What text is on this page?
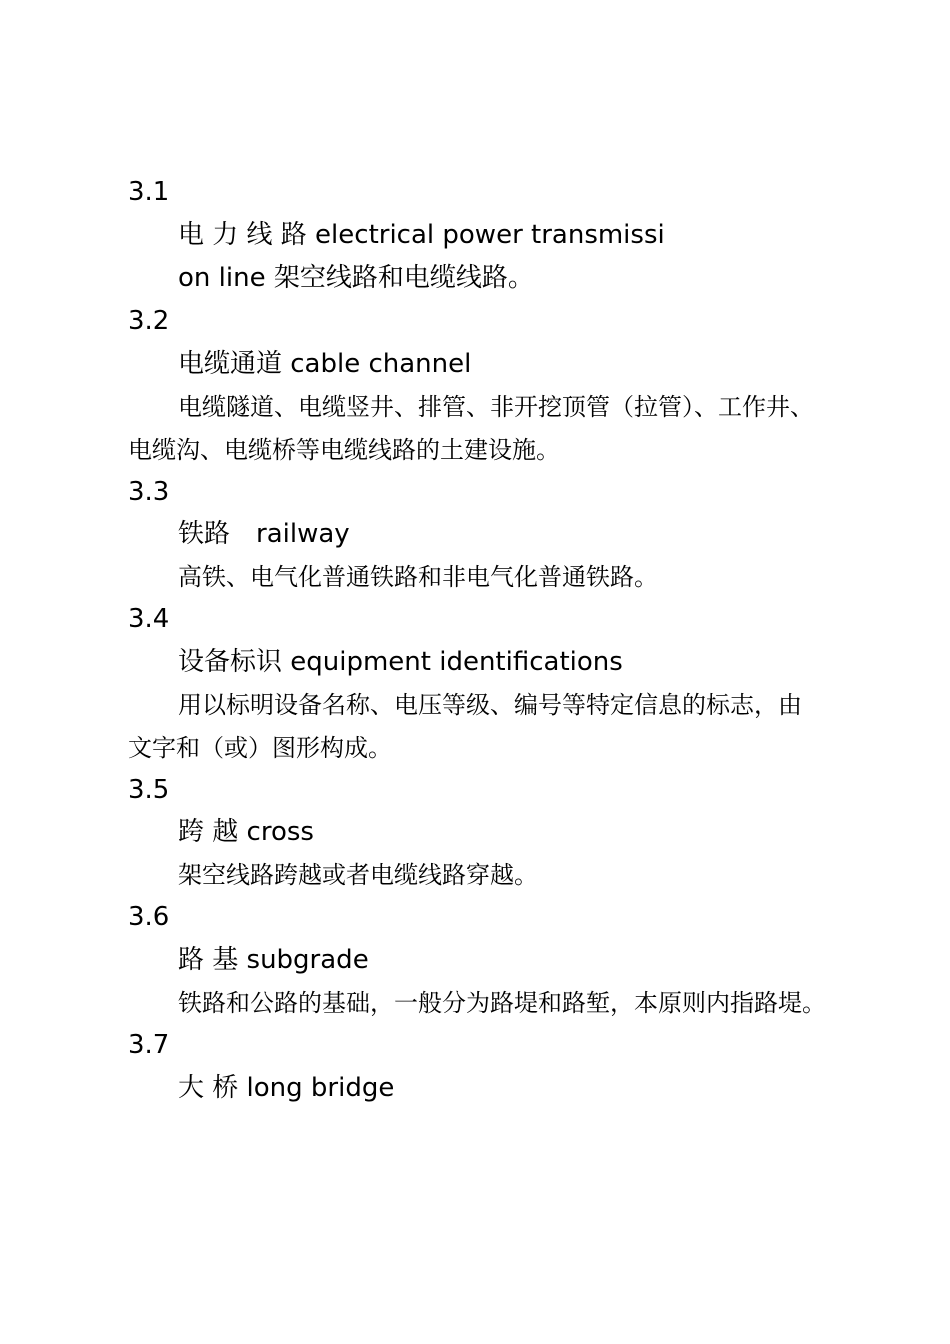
3.1
电 力 线 路 electrical power transmissi
on line 架空线路和电缆线路。
3.2
电缆通道 cable channel
电缆隧道、电缆竖井、排管、非开挖顶管（拉管）、工作井、
电缆沟、电缆桥等电缆线路的土建设施。
3.3
铁路　railway
高铁、电气化普通铁路和非电气化普通铁路。
3.4
设备标识 equipment identifications
用以标明设备名称、电压等级、编号等特定信息的标志，由
文字和（或）图形构成。
3.5
跨 越 cross
架空线路跨越或者电缆线路穿越。
3.6
路 基 subgrade
铁路和公路的基础，一般分为路堤和路堑，本原则内指路堤。
3.7
大 桥 long bridge
